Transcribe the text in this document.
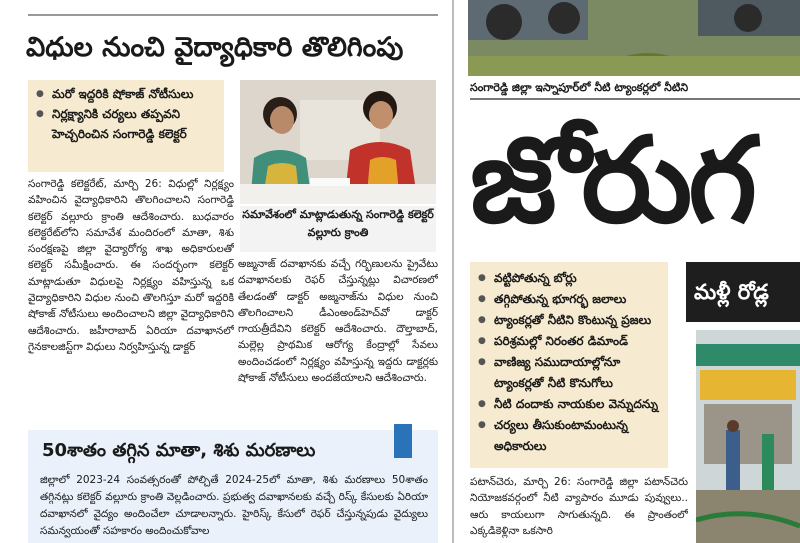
విధుల నుంచి వైద్యాధికారి తొలిగింపు
● మరో ఇద్దరికి షోకాజ్ నోటీసులు
● నిర్లక్ష్యానికి చర్యలు తప్పవని హెచ్చరించిన సంగారెడ్డి కలెక్టర్
సమావేశంలో మాట్లాడుతున్న సంగారెడ్డి కలెక్టర్ వల్లూరు క్రాంతి
సంగారెడ్డి కలెక్టరేట్, మార్చి 26: విధుల్లో నిర్లక్ష్యం వహించిన వైద్యాధికారిని తొలగించాలని సంగారెడ్డి కలెక్టర్ వల్లూరు క్రాంతి ఆదేశించారు. బుధవారం కలెక్టరేట్‌లోని సమావేశ మందిరంలో మాతా, శిశు సంరక్షణపై జిల్లా వైద్యారోగ్య శాఖ అధికారులతో కలెక్టర్ సమీక్షించారు. ఈ సందర్భంగా కలెక్టర్ మాట్లాడుతూ విధులపై నిర్లక్ష్యం వహిస్తున్న ఒక వైద్యాధికారిని విధుల నుంచి తొలగిస్తూ మరో ఇద్దరికి షోకాజ్ నోటీసులు అందించాలని జిల్లా వైద్యాధికారిని ఆదేశించారు. జహీరాబాద్ ఏరియా దవాఖానలో గైనకాలజిస్ట్‌గా విధులు నిర్వహిస్తున్న డాక్టర్
అజ్మనాజ్ దవాఖానకు వచ్చే గర్భిణులను ప్రైవేటు దవాఖానలకు రెఫర్ చేస్తున్నట్లు విచారణలో తేలడంతో డాక్టర్ అజ్మనాజ్‌ను విధుల నుంచి తొలగించాలని డీఎంఅండ్‌హెచ్‌వో డాక్టర్ గాయత్రీదేవిని కలెక్టర్ ఆదేశించారు. దౌల్తాబాద్, మల్లెల్ల ప్రాథమిక ఆరోగ్య కేంద్రాల్లో సేవలు అందించడంలో నిర్లక్ష్యం వహిస్తున్న ఇద్దరు డాక్టర్లకు షోకాజ్ నోటీసులు అందజేయాలని ఆదేశించారు.
50శాతం తగ్గిన మాతా, శిశు మరణాలు
జిల్లాలో 2023-24 సంవత్సరంతో పోల్చితే 2024-25లో మాతా, శిశు మరణాలు 50శాతం తగ్గినట్లు కలెక్టర్ వల్లూరు క్రాంతి వెల్లడించారు. ప్రభుత్వ దవాఖానలకు వచ్చే రిస్క్ కేసులకు ఏరియా దవాఖానలో వైద్యం అందించేలా చూడాలన్నారు. హైరిస్క్ కేసులో రెఫర్ చేస్తున్నపుడు వైద్యులు సమన్వయంతో సహకారం అందించుకోవాల
సంగారెడ్డి జిల్లా ఇస్నాపూర్‌లో నీటి ట్యాంకర్లలో నీటిని
జోరుగ
● వట్టిపోతున్న బోర్లు
● తగ్గిపోతున్న భూగర్భ జలాలు
● ట్యాంకర్లతో నీటిని కొంటున్న ప్రజలు
● పరిశ్రమల్లో నిరంతర డిమాండ్
● వాణిజ్య సముదాయాల్లోనూ ట్యాంకర్లతో నీటి కొనుగోలు
● నీటి దందాకు నాయకుల వెన్నుదన్ను
● చర్యలు తీసుకుంటామంటున్న అధికారులు
మళ్లీ రోడ్ల
పటాన్‌చెరు, మార్చి 26: సంగారెడ్డి జిల్లా పటాన్‌చెరు నియోజకవర్గంలో నీటి వ్యాపారం మూడు పువ్వులు.. ఆరు కాయలుగా సాగుతున్నది. ఈ ప్రాంతంలో ఎక్కడికెళ్లినా ఒకసారి
